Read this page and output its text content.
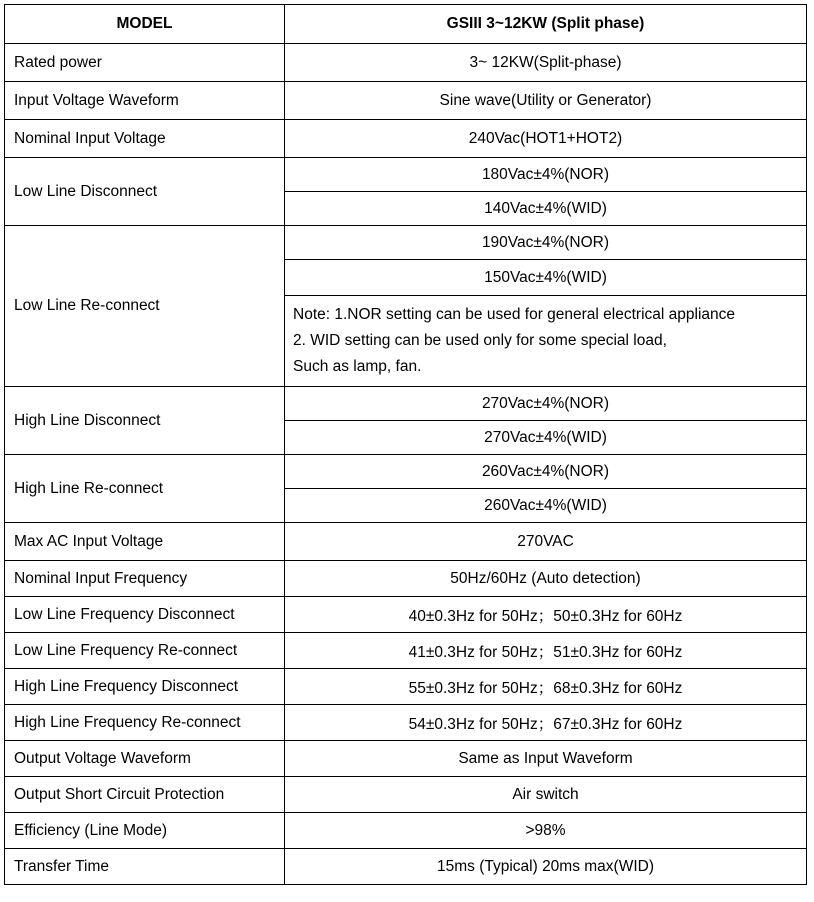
MODEL	GSIII 3~12KW (Split phase)
Rated power	3~ 12KW(Split-phase)
Input Voltage Waveform	Sine wave(Utility or Generator)
Nominal Input Voltage	240Vac(HOT1+HOT2)
Low Line Disconnect	180Vac±4%(NOR)
	140Vac±4%(WID)
Low Line Re-connect	190Vac±4%(NOR)
	150Vac±4%(WID)

	Note: 1.NOR setting can be used for general electrical appliance
2. WID setting can be used only for some special load,
Such as lamp, fan.

High Line Disconnect	270Vac±4%(NOR)
	270Vac±4%(WID)
High Line Re-connect	260Vac±4%(NOR)
	260Vac±4%(WID)
Max AC Input Voltage	270VAC
Nominal Input Frequency	50Hz/60Hz (Auto detection)
Low Line Frequency Disconnect	40±0.3Hz for 50Hz；50±0.3Hz for 60Hz
Low Line Frequency Re-connect	41±0.3Hz for 50Hz；51±0.3Hz for 60Hz
High Line Frequency Disconnect	55±0.3Hz for 50Hz；68±0.3Hz for 60Hz
High Line Frequency Re-connect	54±0.3Hz for 50Hz；67±0.3Hz for 60Hz
Output Voltage Waveform	Same as Input Waveform
Output Short Circuit Protection	Air switch
Efficiency (Line Mode)	>98%
Transfer Time	15ms (Typical) 20ms max(WID)
